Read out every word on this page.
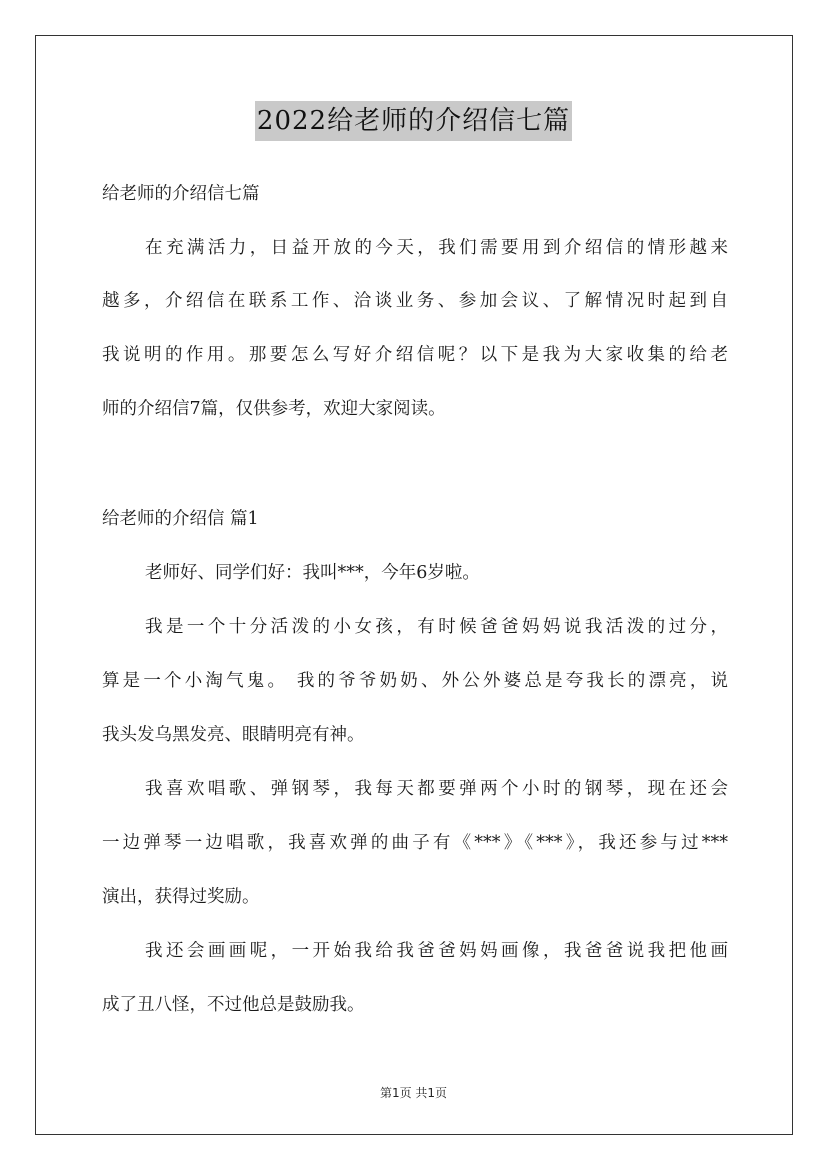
2022给老师的介绍信七篇
给老师的介绍信七篇
在充满活力，日益开放的今天，我们需要用到介绍信的情形越来
越多，介绍信在联系工作、洽谈业务、参加会议、了解情况时起到自
我说明的作用。那要怎么写好介绍信呢？以下是我为大家收集的给老
师的介绍信7篇，仅供参考，欢迎大家阅读。
给老师的介绍信 篇1
老师好、同学们好：我叫***，今年6岁啦。
我是一个十分活泼的小女孩，有时候爸爸妈妈说我活泼的过分，
算是一个小淘气鬼。 我的爷爷奶奶、外公外婆总是夸我长的漂亮，说
我头发乌黑发亮、眼睛明亮有神。
我喜欢唱歌、弹钢琴，我每天都要弹两个小时的钢琴，现在还会
一边弹琴一边唱歌，我喜欢弹的曲子有《***》《***》，我还参与过***
演出，获得过奖励。
我还会画画呢，一开始我给我爸爸妈妈画像，我爸爸说我把他画
成了丑八怪，不过他总是鼓励我。
第1页 共1页
